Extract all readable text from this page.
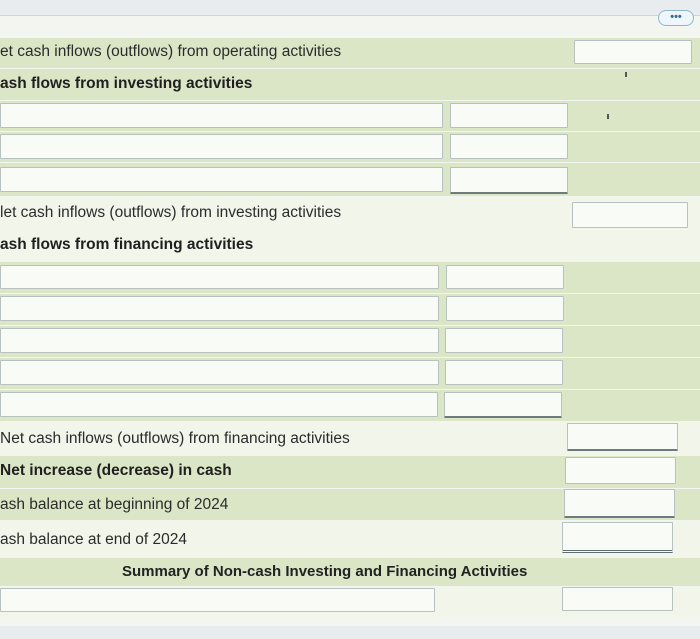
et cash inflows (outflows) from operating activities
ash flows from investing activities
let cash inflows (outflows) from investing activities
ash flows from financing activities
Net cash inflows (outflows) from financing activities
Net increase (decrease) in cash
ash balance at beginning of 2024
ash balance at end of 2024
Summary of Non-cash Investing and Financing Activities
•••
